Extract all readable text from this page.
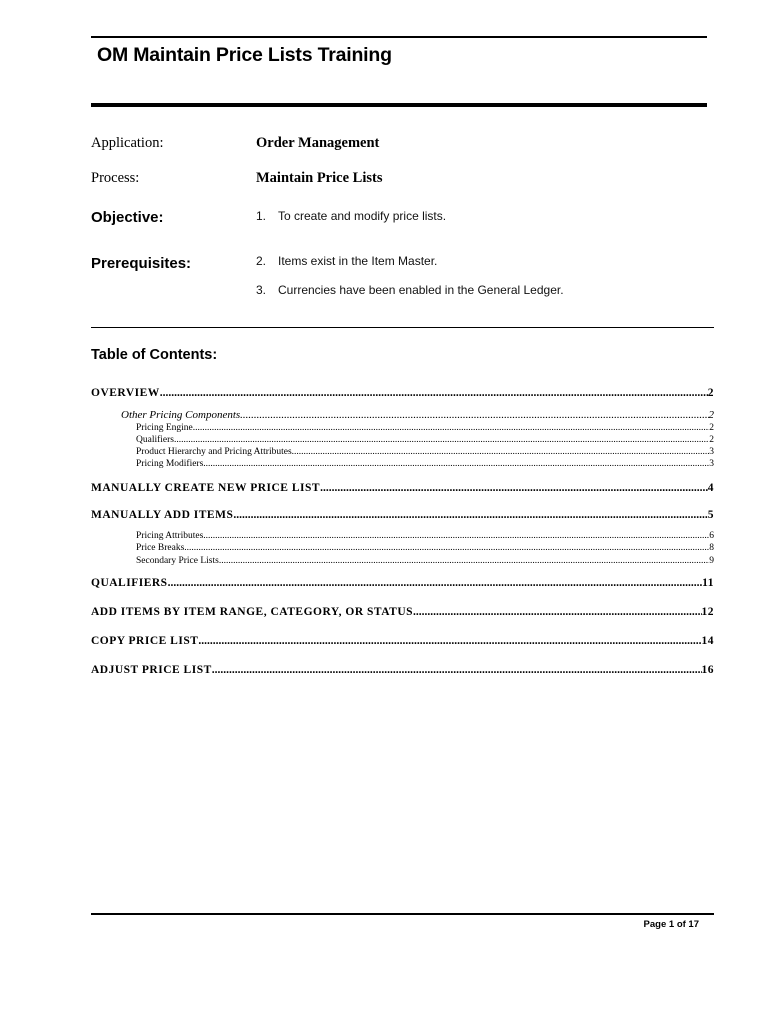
OM Maintain Price Lists Training
Application:	Order Management
Process:	Maintain Price Lists
Objective:	1. To create and modify price lists.
Prerequisites:	2. Items exist in the Item Master.
3. Currencies have been enabled in the General Ledger.
Table of Contents:
OVERVIEW .....	2
Other Pricing Components .....	2
Pricing Engine .....	2
Qualifiers .....	2
Product Hierarchy and Pricing Attributes .....	3
Pricing Modifiers .....	3
MANUALLY CREATE NEW PRICE LIST .....	4
MANUALLY ADD ITEMS .....	5
Pricing Attributes .....	6
Price Breaks .....	8
Secondary Price Lists .....	9
QUALIFIERS .....	11
ADD ITEMS BY ITEM RANGE, CATEGORY, OR STATUS .....	12
COPY PRICE LIST .....	14
ADJUST PRICE LIST .....	16
Page 1 of 17
